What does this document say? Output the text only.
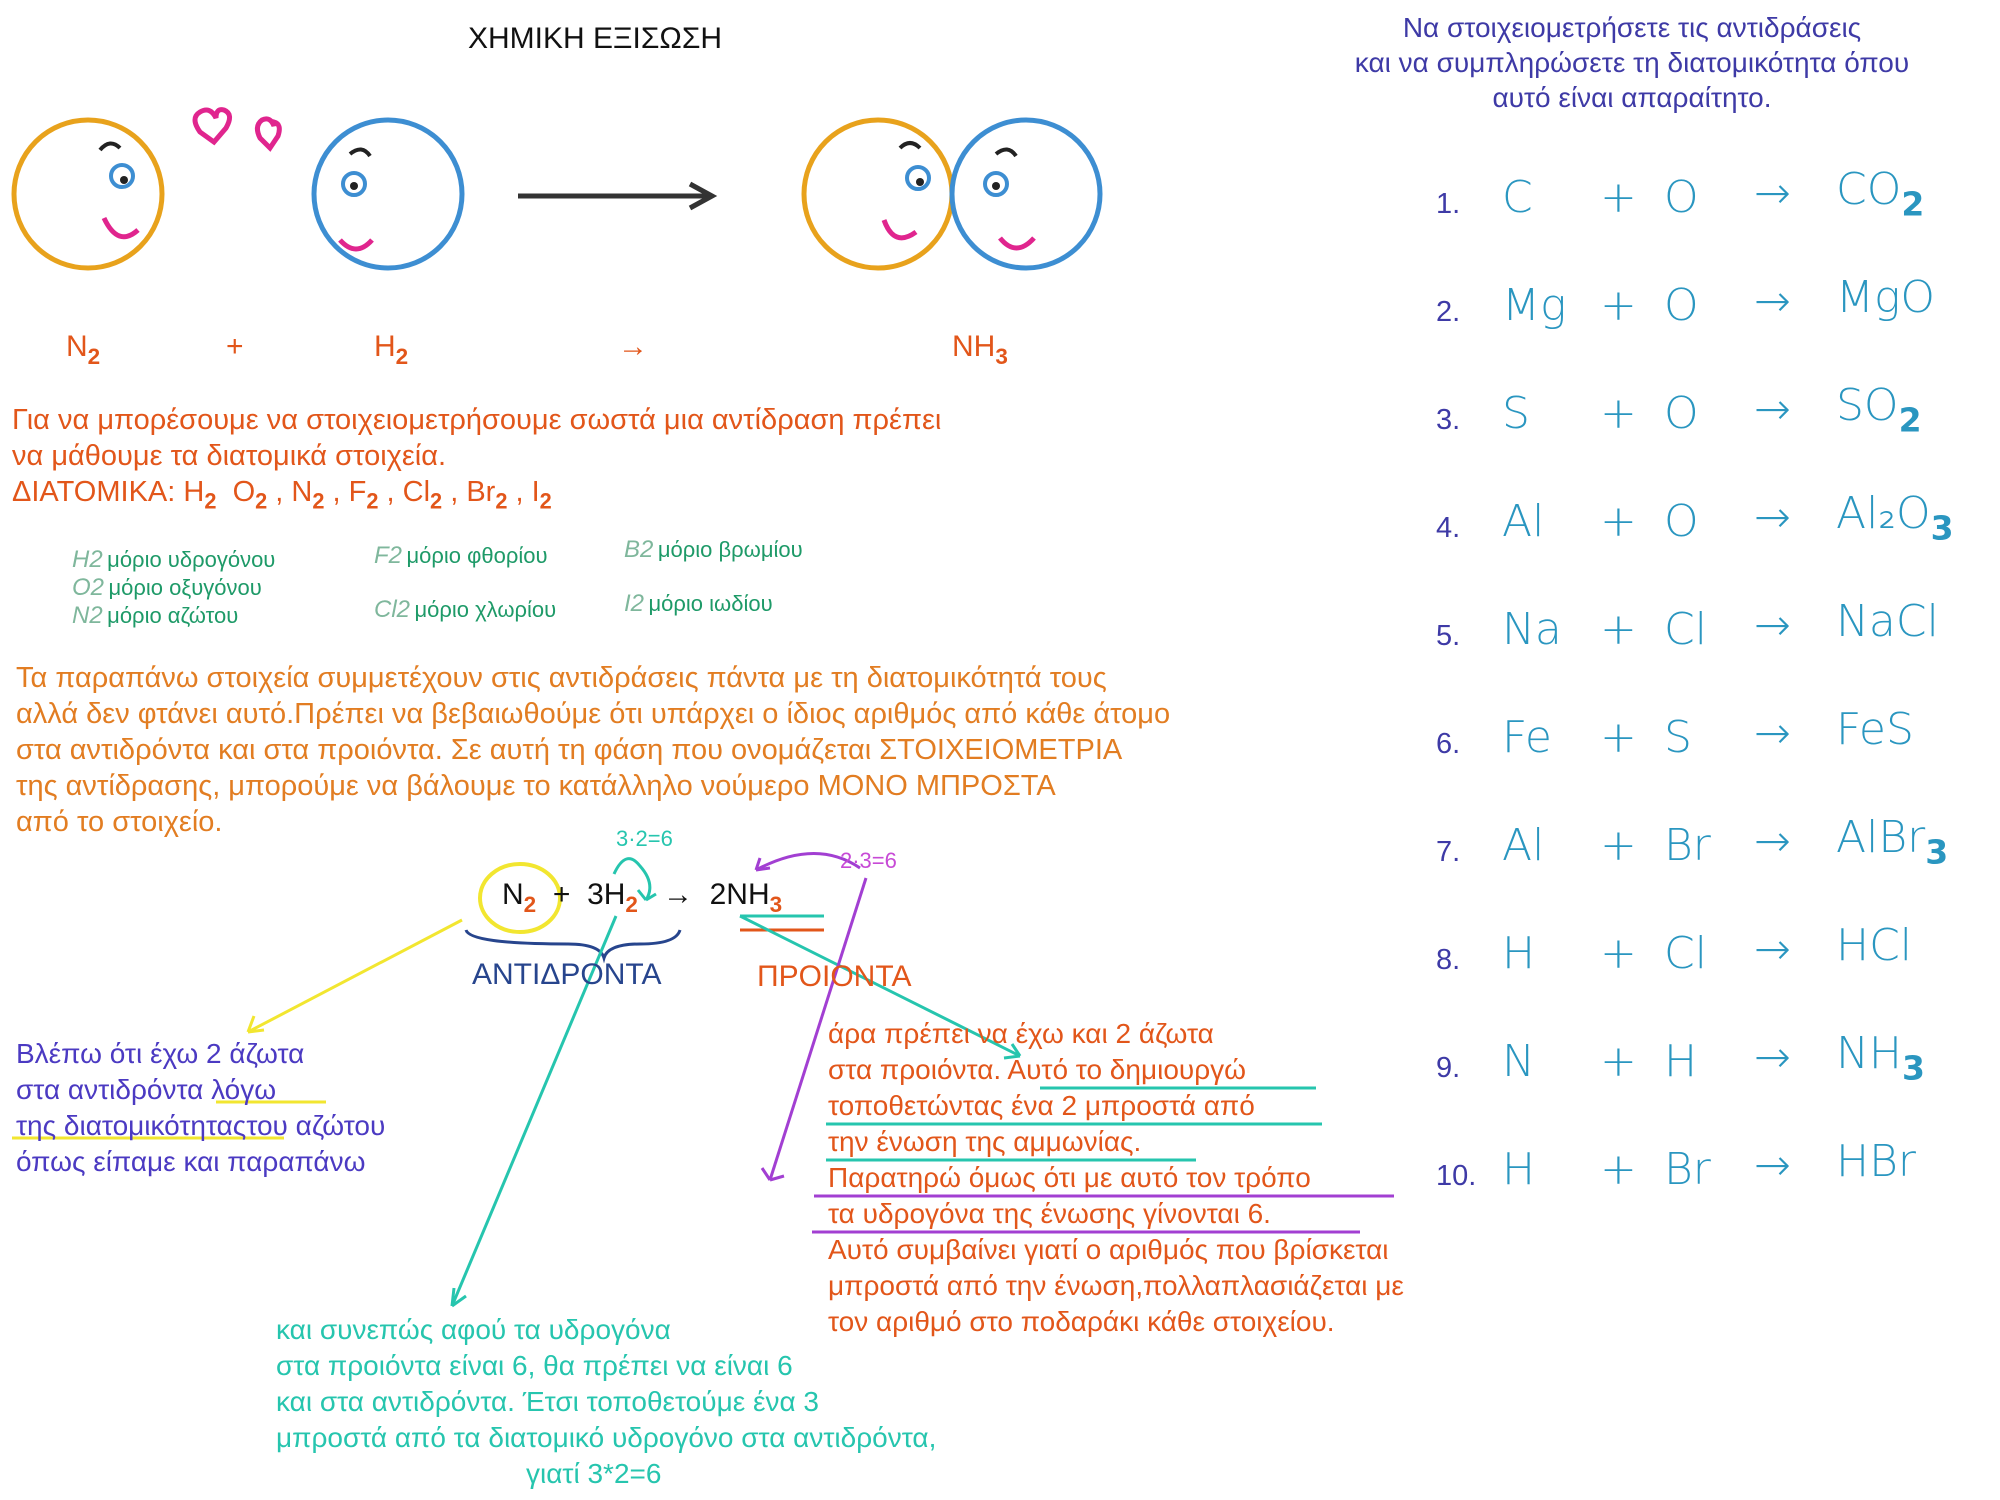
ΧΗΜΙΚΗ ΕΞΙΣΩΣΗ	Να στοιχειομετρήσετε τις αντιδράσεις
και να συμπληρώσετε τη διατομικότητα όπου
αυτό είναι απαραίτητο.
$N_2$	+	$H_2$	→	$NH_3$
Για να μπορέσουμε να στοιχειομετρήσουμε σωστά μια αντίδραση πρέπει
να μάθουμε τα διατομικά στοιχεία.
ΔΙΑΤΟΜΙΚΑ: $H_2$ $O_2$ , $N_2$ , $F_2$ , $Cl_2$ , $Br_2$ , $I_2$
H2 μόριο υδρογόνου
O2 μόριο οξυγόνου
N2 μόριο αζώτου
F2 μόριο φθορίου
Cl2 μόριο χλωρίου
B2 μόριο βρωμίου
I2 μόριο ιωδίου
Τα παραπάνω στοιχεία συμμετέχουν στις αντιδράσεις πάντα με τη διατομικότητά τους
αλλά δεν φτάνει αυτό.Πρέπει να βεβαιωθούμε ότι υπάρχει ο ίδιος αριθμός από κάθε άτομο
στα αντιδρόντα και στα προιόντα. Σε αυτή τη φάση που ονομάζεται ΣΤΟΙΧΕΙΟΜΕΤΡΙΑ
της αντίδρασης, μπορούμε να βάλουμε το κατάλληλο νούμερο ΜΟΝΟ ΜΠΡΟΣΤΑ
από το στοιχείο.
$N_2 + 3H_2 \to 2NH_3$
3·2=6
2·3=6
ΑΝΤΙΔΡΟΝΤΑ	ΠΡΟΙΟΝΤΑ
Βλέπω ότι έχω 2 άζωτα
στα αντιδρόντα λόγω
της διατομικότηταςτου αζώτου
όπως είπαμε και παραπάνω
άρα πρέπει να έχω και 2 άζωτα
στα προιόντα. Αυτό το δημιουργώ
τοποθετώντας ένα 2 μπροστά από
την ένωση της αμμωνίας.
Παρατηρώ όμως ότι με αυτό τον τρόπο
τα υδρογόνα της ένωσης γίνονται 6.
Αυτό συμβαίνει γιατί ο αριθμός που βρίσκεται
μπροστά από την ένωση,πολλαπλασιάζεται με
τον αριθμό στο ποδαράκι κάθε στοιχείου.
και συνεπώς αφού τα υδρογόνα
στα προιόντα είναι 6, θα πρέπει να είναι 6
και στα αντιδρόντα. Έτσι τοποθετούμε ένα 3
μπροστά από τα διατομικό υδρογόνο στα αντιδρόντα,
γιατί 3*2=6
1. $C + O \to CO_2$
2. Mg + O → MgO
3. $S + O \to SO_2$
4. $Al + O \to Al_2O_3$
5. Na + Cl → NaCl
6. Fe + S → FeS
7. Al + Br → AlBr$_3$
8. H + Cl → HCl
9. $N + H \to NH_3$
10. H + Br → HBr
